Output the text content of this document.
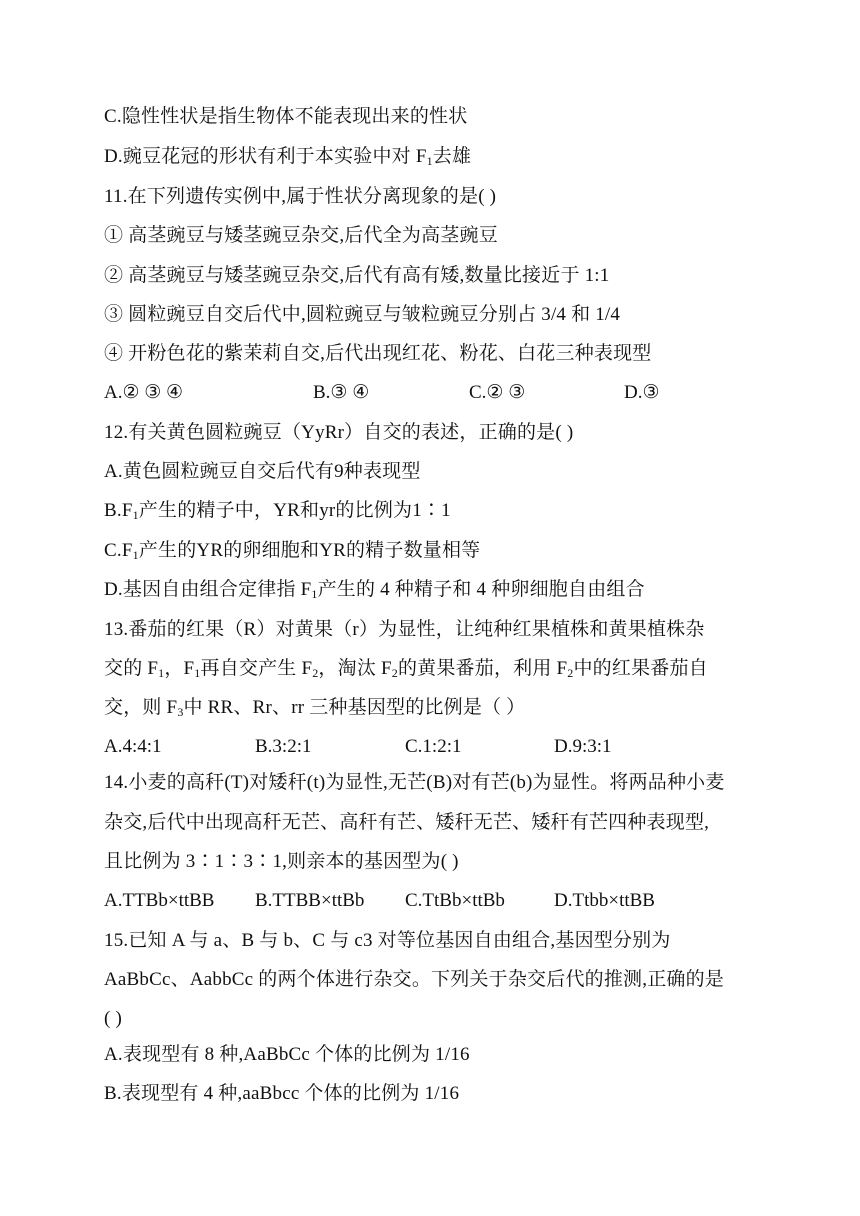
C.隐性性状是指生物体不能表现出来的性状
D.豌豆花冠的形状有利于本实验中对 $F_1$去雄
11.在下列遗传实例中,属于性状分离现象的是( )
① 高茎豌豆与矮茎豌豆杂交,后代全为高茎豌豆
② 高茎豌豆与矮茎豌豆杂交,后代有高有矮,数量比接近于 1:1
③ 圆粒豌豆自交后代中,圆粒豌豆与皱粒豌豆分别占 3/4 和 1/4
④ 开粉色花的紫茉莉自交,后代出现红花、粉花、白花三种表现型
A.② ③ ④	B.③ ④	C.② ③	D.③
12.有关黄色圆粒豌豆（YyRr）自交的表述，正确的是( )
A.黄色圆粒豌豆自交后代有9种表现型
$B.F_1$产生的精子中，YR和yr的比例为1∶1
$C.F_1$产生的YR的卵细胞和YR的精子数量相等
D.基因自由组合定律指 $F_1$产生的 4 种精子和 4 种卵细胞自由组合
13.番茄的红果（R）对黄果（r）为显性，让纯种红果植株和黄果植株杂
交的 $F_1$，$F_1$再自交产生 $F_2$，淘汰 $F_2$的黄果番茄，利用 $F_2$中的红果番茄自
交，则 $F_3$中 RR、Rr、rr 三种基因型的比例是（ ）
A.4:4:1	B.3:2:1	C.1:2:1	D.9:3:1
14.小麦的高秆(T)对矮秆(t)为显性,无芒(B)对有芒(b)为显性。将两品种小麦
杂交,后代中出现高秆无芒、高秆有芒、矮秆无芒、矮秆有芒四种表现型,
且比例为 3∶1∶3∶1,则亲本的基因型为( )
A.TTBb×ttBB B.TTBB×ttBb C.TtBb×ttBb	D.Ttbb×ttBB
15.已知 A 与 a、B 与 b、C 与 c3 对等位基因自由组合,基因型分别为
AaBbCc、AabbCc 的两个体进行杂交。下列关于杂交后代的推测,正确的是
( )
A.表现型有 8 种,AaBbCc 个体的比例为 1/16
B.表现型有 4 种,aaBbcc 个体的比例为 1/16
